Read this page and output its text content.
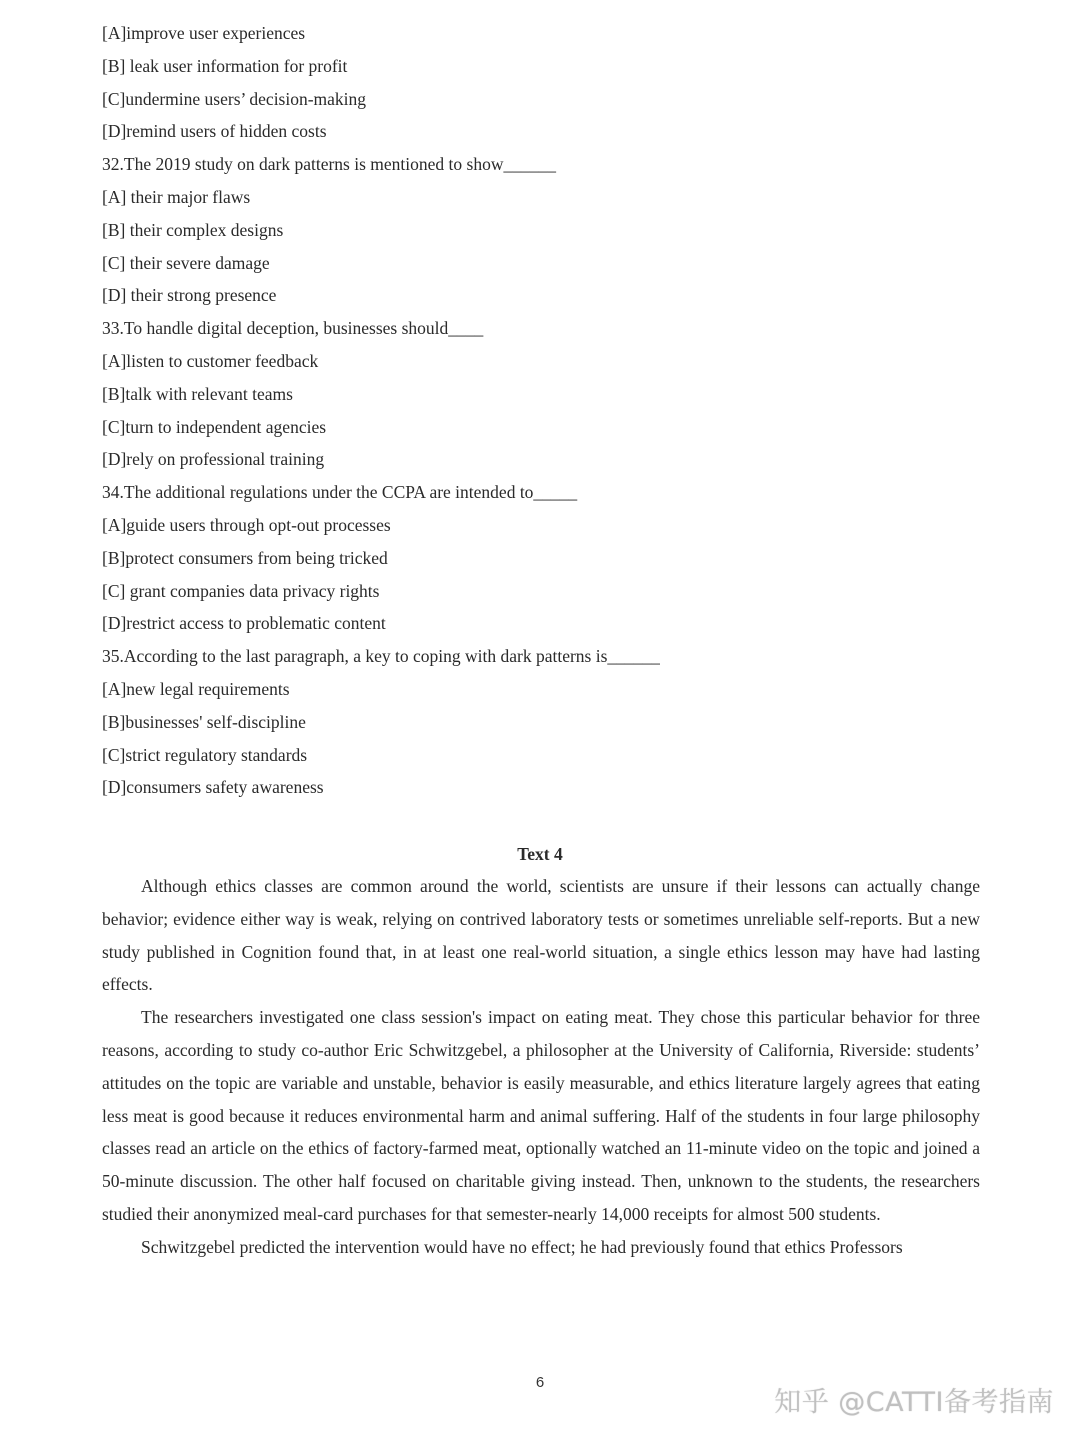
[A]improve user experiences
[B] leak user information for profit
[C]undermine users’ decision-making
[D]remind users of hidden costs
32.The 2019 study on dark patterns is mentioned to show______
[A] their major flaws
[B] their complex designs
[C] their severe damage
[D] their strong presence
33.To handle digital deception, businesses should____
[A]listen to customer feedback
[B]talk with relevant teams
[C]turn to independent agencies
[D]rely on professional training
34.The additional regulations under the CCPA are intended to_____
[A]guide users through opt-out processes
[B]protect consumers from being tricked
[C] grant companies data privacy rights
[D]restrict access to problematic content
35.According to the last paragraph, a key to coping with dark patterns is______
[A]new legal requirements
[B]businesses' self-discipline
[C]strict regulatory standards
[D]consumers safety awareness
Text 4

Although ethics classes are common around the world, scientists are unsure if their lessons can actually change behavior; evidence either way is weak, relying on contrived laboratory tests or sometimes unreliable self-reports. But a new study published in Cognition found that, in at least one real-world situation, a single ethics lesson may have had lasting effects.

The researchers investigated one class session's impact on eating meat. They chose this particular behavior for three reasons, according to study co-author Eric Schwitzgebel, a philosopher at the University of California, Riverside: students’ attitudes on the topic are variable and unstable, behavior is easily measurable, and ethics literature largely agrees that eating less meat is good because it reduces environmental harm and animal suffering. Half of the students in four large philosophy classes read an article on the ethics of factory-farmed meat, optionally watched an 11-minute video on the topic and joined a 50-minute discussion. The other half focused on charitable giving instead. Then, unknown to the students, the researchers studied their anonymized meal-card purchases for that semester-nearly 14,000 receipts for almost 500 students.

Schwitzgebel predicted the intervention would have no effect; he had previously found that ethics Professors

6
知乎 @CATTI备考指南
